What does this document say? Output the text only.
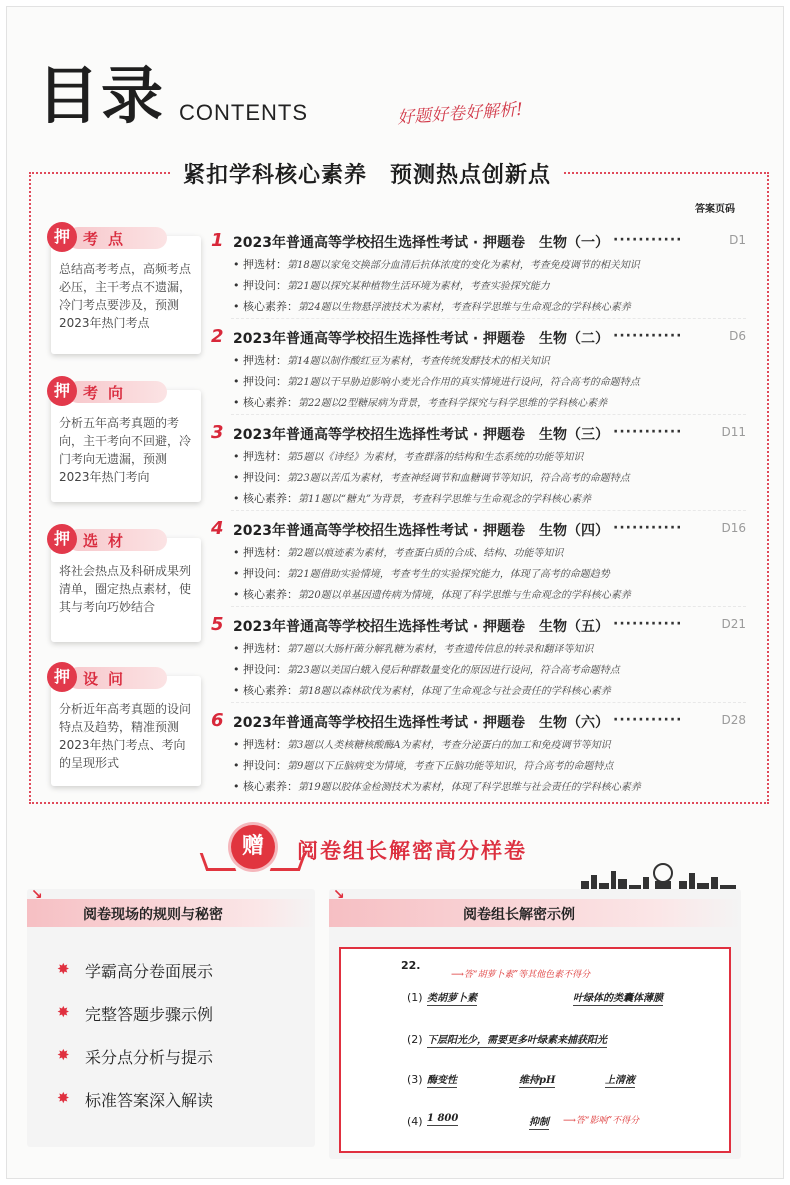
目录 CONTENTS	好题好卷好解析!
紧扣学科核心素养　预测热点创新点
答案页码
押 考点
总结高考考点，高频考点必压，主干考点不遗漏，冷门考点要涉及，预测2023年热门考点
押 考向
分析五年高考真题的考向，主干考向不回避，冷门考向无遗漏，预测2023年热门考向
押 选材
将社会热点及科研成果列清单，圈定热点素材，使其与考向巧妙结合
押 设问
分析近年高考真题的设问特点及趋势，精准预测2023年热门考点、考向的呈现形式
1 2023年普通高等学校招生选择性考试 · 押题卷　生物（一） ···········	D1
• 押选材：第18题以家兔交换部分血清后抗体浓度的变化为素材，考查免疫调节的相关知识
• 押设问：第21题以探究某种植物生活环境为素材，考查实验探究能力
• 核心素养：第24题以生物悬浮液技术为素材，考查科学思维与生命观念的学科核心素养
2 2023年普通高等学校招生选择性考试 · 押题卷　生物（二） ···········	D6
• 押选材：第14题以制作酸红豆为素材，考查传统发酵技术的相关知识
• 押设问：第21题以干旱胁迫影响小麦光合作用的真实情境进行设问，符合高考的命题特点
• 核心素养：第22题以2型糖尿病为背景，考查科学探究与科学思维的学科核心素养
3 2023年普通高等学校招生选择性考试 · 押题卷　生物（三） ···········	D11
• 押选材：第5题以《诗经》为素材，考查群落的结构和生态系统的功能等知识
• 押设问：第23题以苦瓜为素材，考查神经调节和血糖调节等知识，符合高考的命题特点
• 核心素养：第11题以“糖丸”为背景，考查科学思维与生命观念的学科核心素养
4 2023年普通高等学校招生选择性考试 · 押题卷　生物（四） ···········	D16
• 押选材：第2题以痕迹素为素材，考查蛋白质的合成、结构、功能等知识
• 押设问：第21题借助实验情境，考查考生的实验探究能力，体现了高考的命题趋势
• 核心素养：第20题以单基因遗传病为情境，体现了科学思维与生命观念的学科核心素养
5 2023年普通高等学校招生选择性考试 · 押题卷　生物（五） ···········	D21
• 押选材：第7题以大肠杆菌分解乳糖为素材，考查遗传信息的转录和翻译等知识
• 押设问：第23题以美国白蛾入侵后种群数量变化的原因进行设问，符合高考命题特点
• 核心素养：第18题以森林砍伐为素材，体现了生命观念与社会责任的学科核心素养
6 2023年普通高等学校招生选择性考试 · 押题卷　生物（六） ···········	D28
• 押选材：第3题以人类核糖核酸酶A为素材，考查分泌蛋白的加工和免疫调节等知识
• 押设问：第9题以下丘脑病变为情境，考查下丘脑功能等知识，符合高考的命题特点
• 核心素养：第19题以胶体金检测技术为素材，体现了科学思维与社会责任的学科核心素养
赠	阅卷组长解密高分样卷
↘
阅卷现场的规则与秘密
✸ 学霸高分卷面展示
✸ 完整答题步骤示例
✸ 采分点分析与提示
✸ 标准答案深入解读
↘
阅卷组长解密示例
22.
⟶答“胡萝卜素”等其他色素不得分
(1) 类胡萝卜素	叶绿体的类囊体薄膜
(2) 下层阳光少，需要更多叶绿素来捕获阳光
(3) 酶变性	维持pH	上清液
(4) 1 800	抑制 ⟶答“影响”不得分
